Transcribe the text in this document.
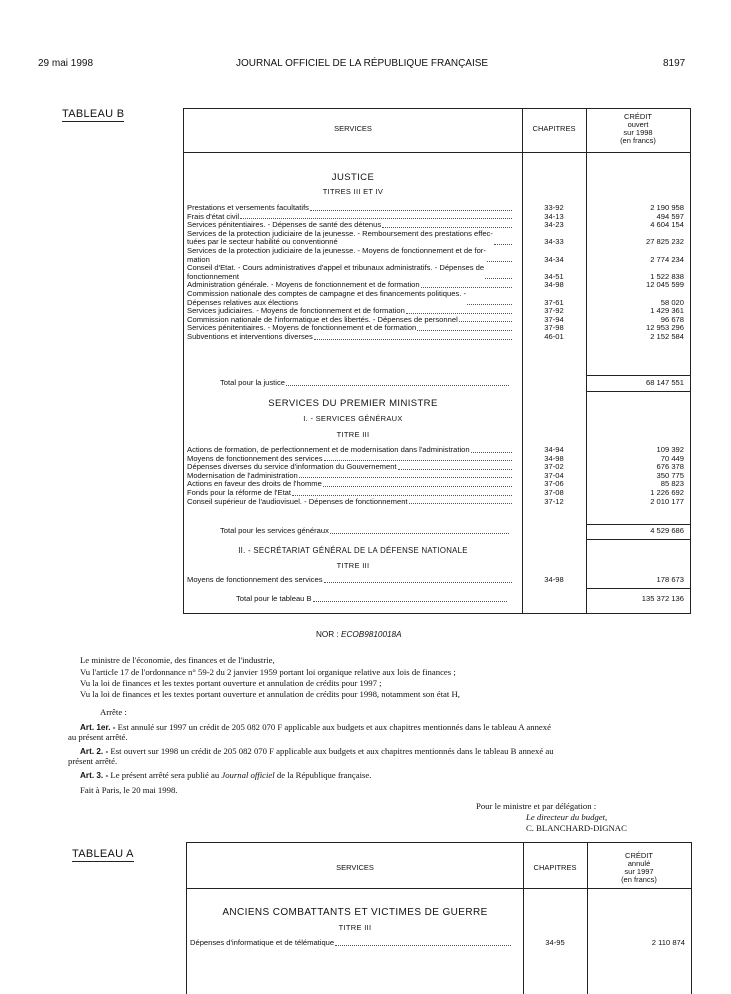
29 mai 1998	JOURNAL OFFICIEL DE LA RÉPUBLIQUE FRANÇAISE	8197
TABLEAU B
SERVICES	CHAPITRES
CRÉDIT
ouvert
sur 1998
(en francs)
JUSTICE
TITRES III ET IV
Prestations et versements facultatifs	33-92	2 190 958
Frais d'état civil	34-13	494 597
Services pénitentiaires. - Dépenses de santé des détenus	34-23	4 604 154
Services de la protection judiciaire de la jeunesse. - Remboursement des prestations effec-
tuées par le secteur habilité ou conventionné	34-33	27 825 232
Services de la protection judiciaire de la jeunesse. - Moyens de fonctionnement et de for-
mation	34-34	2 774 234
Conseil d'Etat. - Cours administratives d'appel et tribunaux administratifs. - Dépenses de
fonctionnement	34-51	1 522 838
Administration générale. - Moyens de fonctionnement et de formation	34-98	12 045 599
Commission nationale des comptes de campagne et des financements politiques. -
Dépenses relatives aux élections	37-61	58 020
Services judiciaires. - Moyens de fonctionnement et de formation	37-92	1 429 361
Commission nationale de l'informatique et des libertés. - Dépenses de personnel	37-94	96 678
Services pénitentiaires. - Moyens de fonctionnement et de formation	37-98	12 953 296
Subventions et interventions diverses	46-01	2 152 584
Total pour la justice	68 147 551
SERVICES DU PREMIER MINISTRE
I. - SERVICES GÉNÉRAUX
TITRE III
Actions de formation, de perfectionnement et de modernisation dans l'administration	34-94	109 392
Moyens de fonctionnement des services	34-98	70 449
Dépenses diverses du service d'information du Gouvernement	37-02	676 378
Modernisation de l'administration	37-04	350 775
Actions en faveur des droits de l'homme	37-06	85 823
Fonds pour la réforme de l'Etat	37-08	1 226 692
Conseil supérieur de l'audiovisuel. - Dépenses de fonctionnement	37-12	2 010 177
Total pour les services généraux	4 529 686
II. - SECRÉTARIAT GÉNÉRAL DE LA DÉFENSE NATIONALE
TITRE III
Moyens de fonctionnement des services	34-98	178 673
Total pour le tableau B	135 372 136
NOR : ECOB9810018A
Le ministre de l'économie, des finances et de l'industrie,
Vu l'article 17 de l'ordonnance n° 59-2 du 2 janvier 1959 portant loi organique relative aux lois de finances ;
Vu la loi de finances et les textes portant ouverture et annulation de crédits pour 1997 ;
Vu la loi de finances et les textes portant ouverture et annulation de crédits pour 1998, notamment son état H,
Arrête :
Art. 1er. - Est annulé sur 1997 un crédit de 205 082 070 F applicable aux budgets et aux chapitres mentionnés dans le tableau A annexé
au présent arrêté.
Art. 2. - Est ouvert sur 1998 un crédit de 205 082 070 F applicable aux budgets et aux chapitres mentionnés dans le tableau B annexé au
présent arrêté.
Art. 3. - Le présent arrêté sera publié au Journal officiel de la République française.
Fait à Paris, le 20 mai 1998.
Pour le ministre et par délégation :
Le directeur du budget,
C. BLANCHARD-DIGNAC
TABLEAU A
SERVICES	CHAPITRES
CRÉDIT
annulé
sur 1997
(en francs)
ANCIENS COMBATTANTS ET VICTIMES DE GUERRE
TITRE III
Dépenses d'informatique et de télématique	34-95	2 110 874
